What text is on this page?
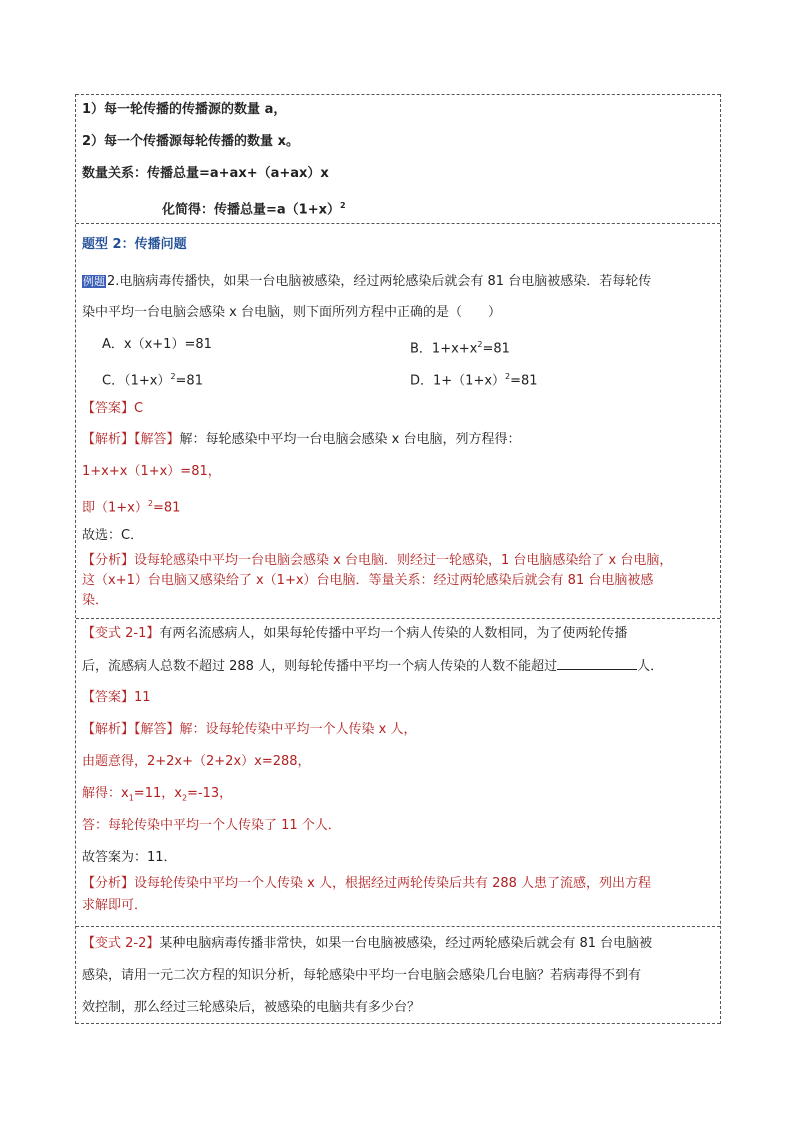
1）每一轮传播的传播源的数量 a，
2）每一个传播源每轮传播的数量 x。
数量关系：传播总量=a+ax+（a+ax）x
化简得：传播总量$=a(1+x)^2$
题型 2：传播问题
例题 2.电脑病毒传播快，如果一台电脑被感染，经过两轮感染后就会有 81 台电脑被感染．若每轮传
染中平均一台电脑会感染 x 台电脑，则下面所列方程中正确的是（　　）
A．x（x+1）=81	B．$1+x+x^2=81$
C．$(1+x)^2=81$	D．$1+(1+x)^2=81$
【答案】C
【解析】【解答】解：每轮感染中平均一台电脑会感染 x 台电脑，列方程得：
1+x+x（1+x）=81，
即$(1+x)^2=81$
故选：C．
【分析】设每轮感染中平均一台电脑会感染 x 台电脑．则经过一轮感染，1 台电脑感染给了 x 台电脑，
这（x+1）台电脑又感染给了 x（1+x）台电脑．等量关系：经过两轮感染后就会有 81 台电脑被感
染．
【变式 2-1】有两名流感病人，如果每轮传播中平均一个病人传染的人数相同，为了使两轮传播
后，流感病人总数不超过 288 人，则每轮传播中平均一个病人传染的人数不能超过	人．
【答案】11
【解析】【解答】解：设每轮传染中平均一个人传染 x 人，
由题意得，2+2x+（2+2x）x=288，
解得：$x_1=11$，$x_2=-13$，
答：每轮传染中平均一个人传染了 11 个人．
故答案为：11．
【分析】设每轮传染中平均一个人传染 x 人，根据经过两轮传染后共有 288 人患了流感，列出方程
求解即可．
【变式 2-2】某种电脑病毒传播非常快，如果一台电脑被感染，经过两轮感染后就会有 81 台电脑被
感染，请用一元二次方程的知识分析，每轮感染中平均一台电脑会感染几台电脑？若病毒得不到有
效控制，那么经过三轮感染后，被感染的电脑共有多少台？
